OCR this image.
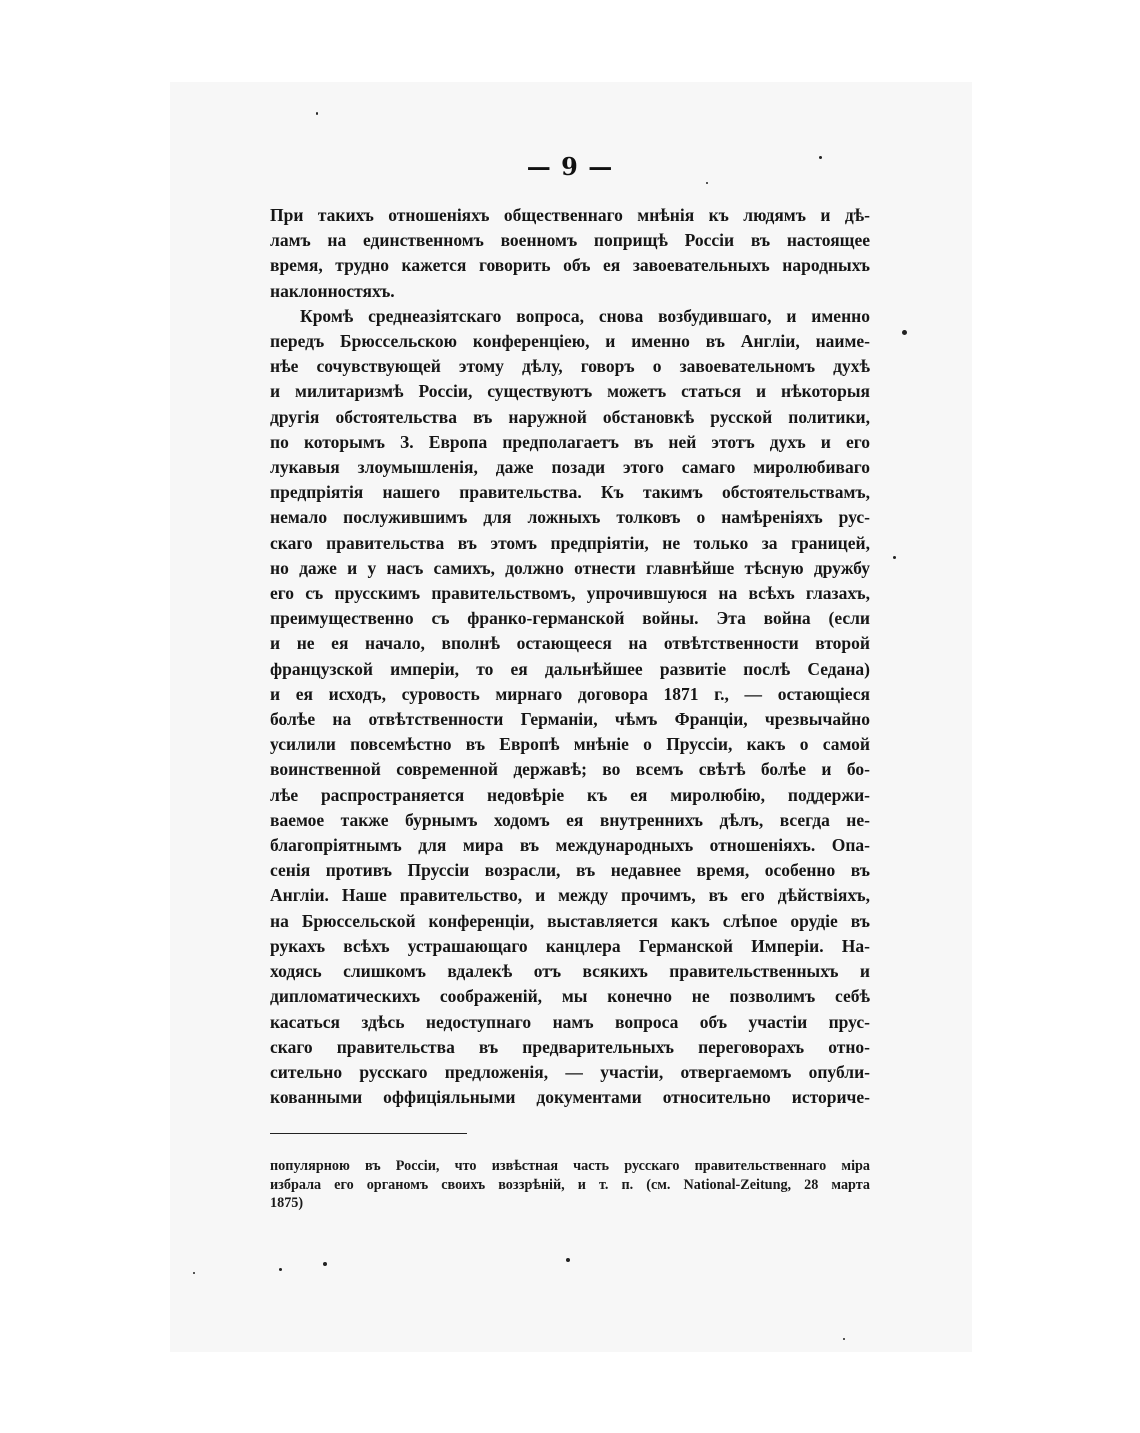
— 9 —
При такихъ отношеніяхъ общественнаго мнѣнія къ людямъ и дѣ-
ламъ на единственномъ военномъ поприщѣ Россіи въ настоящее
время, трудно кажется говорить объ ея завоевательныхъ народныхъ
наклонностяхъ.
Кромѣ среднеазіятскаго вопроса, снова возбудившаго, и именно
передъ Брюссельскою конференціею, и именно въ Англіи, наиме-
нѣе сочувствующей этому дѣлу, говоръ о завоевательномъ духѣ
и милитаризмѣ Россіи, существуютъ можетъ статься и нѣкоторыя
другія обстоятельства въ наружной обстановкѣ русской политики,
по которымъ З. Европа предполагаетъ въ ней этотъ духъ и его
лукавыя злоумышленія, даже позади этого самаго миролюбиваго
предпріятія нашего правительства. Къ такимъ обстоятельствамъ,
немало послужившимъ для ложныхъ толковъ о намѣреніяхъ рус-
скаго правительства въ этомъ предпріятіи, не только за границей,
но даже и у насъ самихъ, должно отнести главнѣйше тѣсную дружбу
его съ прусскимъ правительствомъ, упрочившуюся на всѣхъ глазахъ,
преимущественно съ франко-германской войны. Эта война (если
и не ея начало, вполнѣ остающееся на отвѣтственности второй
французской имперіи, то ея дальнѣйшее развитіе послѣ Седана)
и ея исходъ, суровость мирнаго договора 1871 г., — остающіеся
болѣе на отвѣтственности Германіи, чѣмъ Франціи, чрезвычайно
усилили повсемѣстно въ Европѣ мнѣніе о Пруссіи, какъ о самой
воинственной современной державѣ; во всемъ свѣтѣ болѣе и бо-
лѣе распространяется недовѣріе къ ея миролюбію, поддержи-
ваемое также бурнымъ ходомъ ея внутреннихъ дѣлъ, всегда не-
благопріятнымъ для мира въ международныхъ отношеніяхъ. Опа-
сенія противъ Пруссіи возрасли, въ недавнее время, особенно въ
Англіи. Наше правительство, и между прочимъ, въ его дѣйствіяхъ,
на Брюссельской конференціи, выставляется какъ слѣпое орудіе въ
рукахъ всѣхъ устрашающаго канцлера Германской Имперіи. На-
ходясь слишкомъ вдалекѣ отъ всякихъ правительственныхъ и
дипломатическихъ соображеній, мы конечно не позволимъ себѣ
касаться здѣсь недоступнаго намъ вопроса объ участіи прус-
скаго правительства въ предварительныхъ переговорахъ отно-
сительно русскаго предложенія, — участіи, отвергаемомъ опубли-
кованными оффиціяльными документами относительно историче-
популярною въ Россіи, что извѣстная часть русскаго правительственнаго міра
избрала его органомъ своихъ воззрѣній, и т. п. (см. National-Zeitung, 28 марта
1875)
